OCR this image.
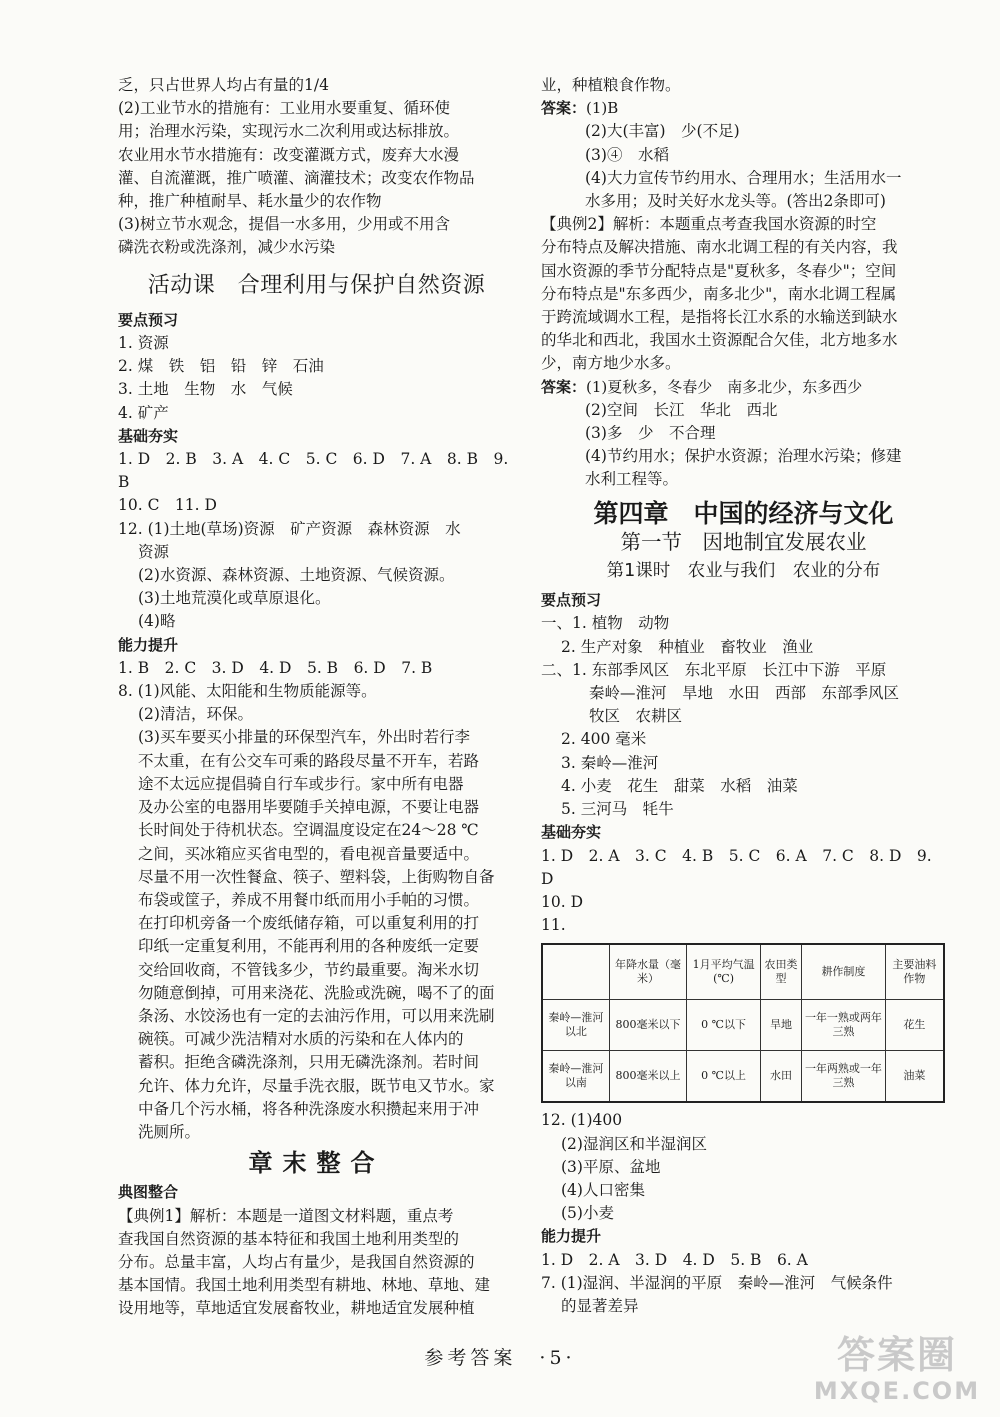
乏，只占世界人均占有量的1/4

(2)工业节水的措施有：工业用水要重复、循环使

用；治理水污染，实现污水二次利用或达标排放。

农业用水节水措施有：改变灌溉方式，废弃大水漫

灌、自流灌溉，推广喷灌、滴灌技术；改变农作物品

种，推广种植耐旱、耗水量少的农作物

(3)树立节水观念，提倡一水多用，少用或不用含

磷洗衣粉或洗涤剂，减少水污染

活动课　合理利用与保护自然资源

要点预习

1. 资源

2. 煤　铁　铝　铅　锌　石油

3. 土地　生物　水　气候

4. 矿产

基础夯实

1. D　2. B　3. A　4. C　5. C　6. D　7. A　8. B　9. B

10. C　11. D

12. (1)土地(草场)资源　矿产资源　森林资源　水

资源

(2)水资源、森林资源、土地资源、气候资源。

(3)土地荒漠化或草原退化。

(4)略

能力提升

1. B　2. C　3. D　4. D　5. B　6. D　7. B

8. (1)风能、太阳能和生物质能源等。

(2)清洁，环保。

(3)买车要买小排量的环保型汽车，外出时若行李

不太重，在有公交车可乘的路段尽量不开车，若路

途不太远应提倡骑自行车或步行。家中所有电器

及办公室的电器用毕要随手关掉电源，不要让电器

长时间处于待机状态。空调温度设定在24～28 ℃

之间，买冰箱应买省电型的，看电视音量要适中。

尽量不用一次性餐盒、筷子、塑料袋，上街购物自备

布袋或筐子，养成不用餐巾纸而用小手帕的习惯。

在打印机旁备一个废纸储存箱，可以重复利用的打

印纸一定重复利用，不能再利用的各种废纸一定要

交给回收商，不管钱多少，节约最重要。淘米水切

勿随意倒掉，可用来浇花、洗脸或洗碗，喝不了的面

条汤、水饺汤也有一定的去油污作用，可以用来洗刷

碗筷。可减少洗洁精对水质的污染和在人体内的

蓄积。拒绝含磷洗涤剂，只用无磷洗涤剂。若时间

允许、体力允许，尽量手洗衣服，既节电又节水。家

中备几个污水桶，将各种洗涤废水积攒起来用于冲

洗厕所。

章末整合

典图整合

【典例1】解析：本题是一道图文材料题，重点考

查我国自然资源的基本特征和我国土地利用类型的

分布。总量丰富，人均占有量少，是我国自然资源的

基本国情。我国土地利用类型有耕地、林地、草地、建

设用地等，草地适宜发展畜牧业，耕地适宜发展种植

业，种植粮食作物。

答案：(1)B

(2)大(丰富)　少(不足)

(3)④　水稻

(4)大力宣传节约用水、合理用水；生活用水一

水多用；及时关好水龙头等。(答出2条即可)

【典例2】解析：本题重点考查我国水资源的时空

分布特点及解决措施、南水北调工程的有关内容，我

国水资源的季节分配特点是"夏秋多，冬春少"；空间

分布特点是"东多西少，南多北少"，南水北调工程属

于跨流域调水工程，是指将长江水系的水输送到缺水

的华北和西北，我国水土资源配合欠佳，北方地多水

少，南方地少水多。

答案：(1)夏秋多，冬春少　南多北少，东多西少

(2)空间　长江　华北　西北

(3)多　少　不合理

(4)节约用水；保护水资源；治理水污染；修建

水利工程等。

第四章　中国的经济与文化
第一节　因地制宜发展农业
第1课时　农业与我们　农业的分布

要点预习

一、1. 植物　动物

2. 生产对象　种植业　畜牧业　渔业

二、1. 东部季风区　东北平原　长江中下游　平原

秦岭—淮河　旱地　水田　西部　东部季风区

牧区　农耕区

2. 400 毫米

3. 秦岭—淮河

4. 小麦　花生　甜菜　水稻　油菜

5. 三河马　牦牛

基础夯实

1. D　2. A　3. C　4. B　5. C　6. A　7. C　8. D　9. D

10. D

11.

	年降水量（毫米）	1月平均气温(℃)	农田类型	耕作制度	主要油料作物
秦岭—淮河以北	800毫米以下	0 ℃以下	旱地	一年一熟或两年三熟	花生
秦岭—淮河以南	800毫米以上	0 ℃以上	水田	一年两熟或一年三熟	油菜

12. (1)400

(2)湿润区和半湿润区

(3)平原、盆地

(4)人口密集

(5)小麦

能力提升

1. D　2. A　3. D　4. D　5. B　6. A

7. (1)湿润、半湿润的平原　秦岭—淮河　气候条件

的显著差异

参考答案　·5·	答案圈
MXQE.COM
